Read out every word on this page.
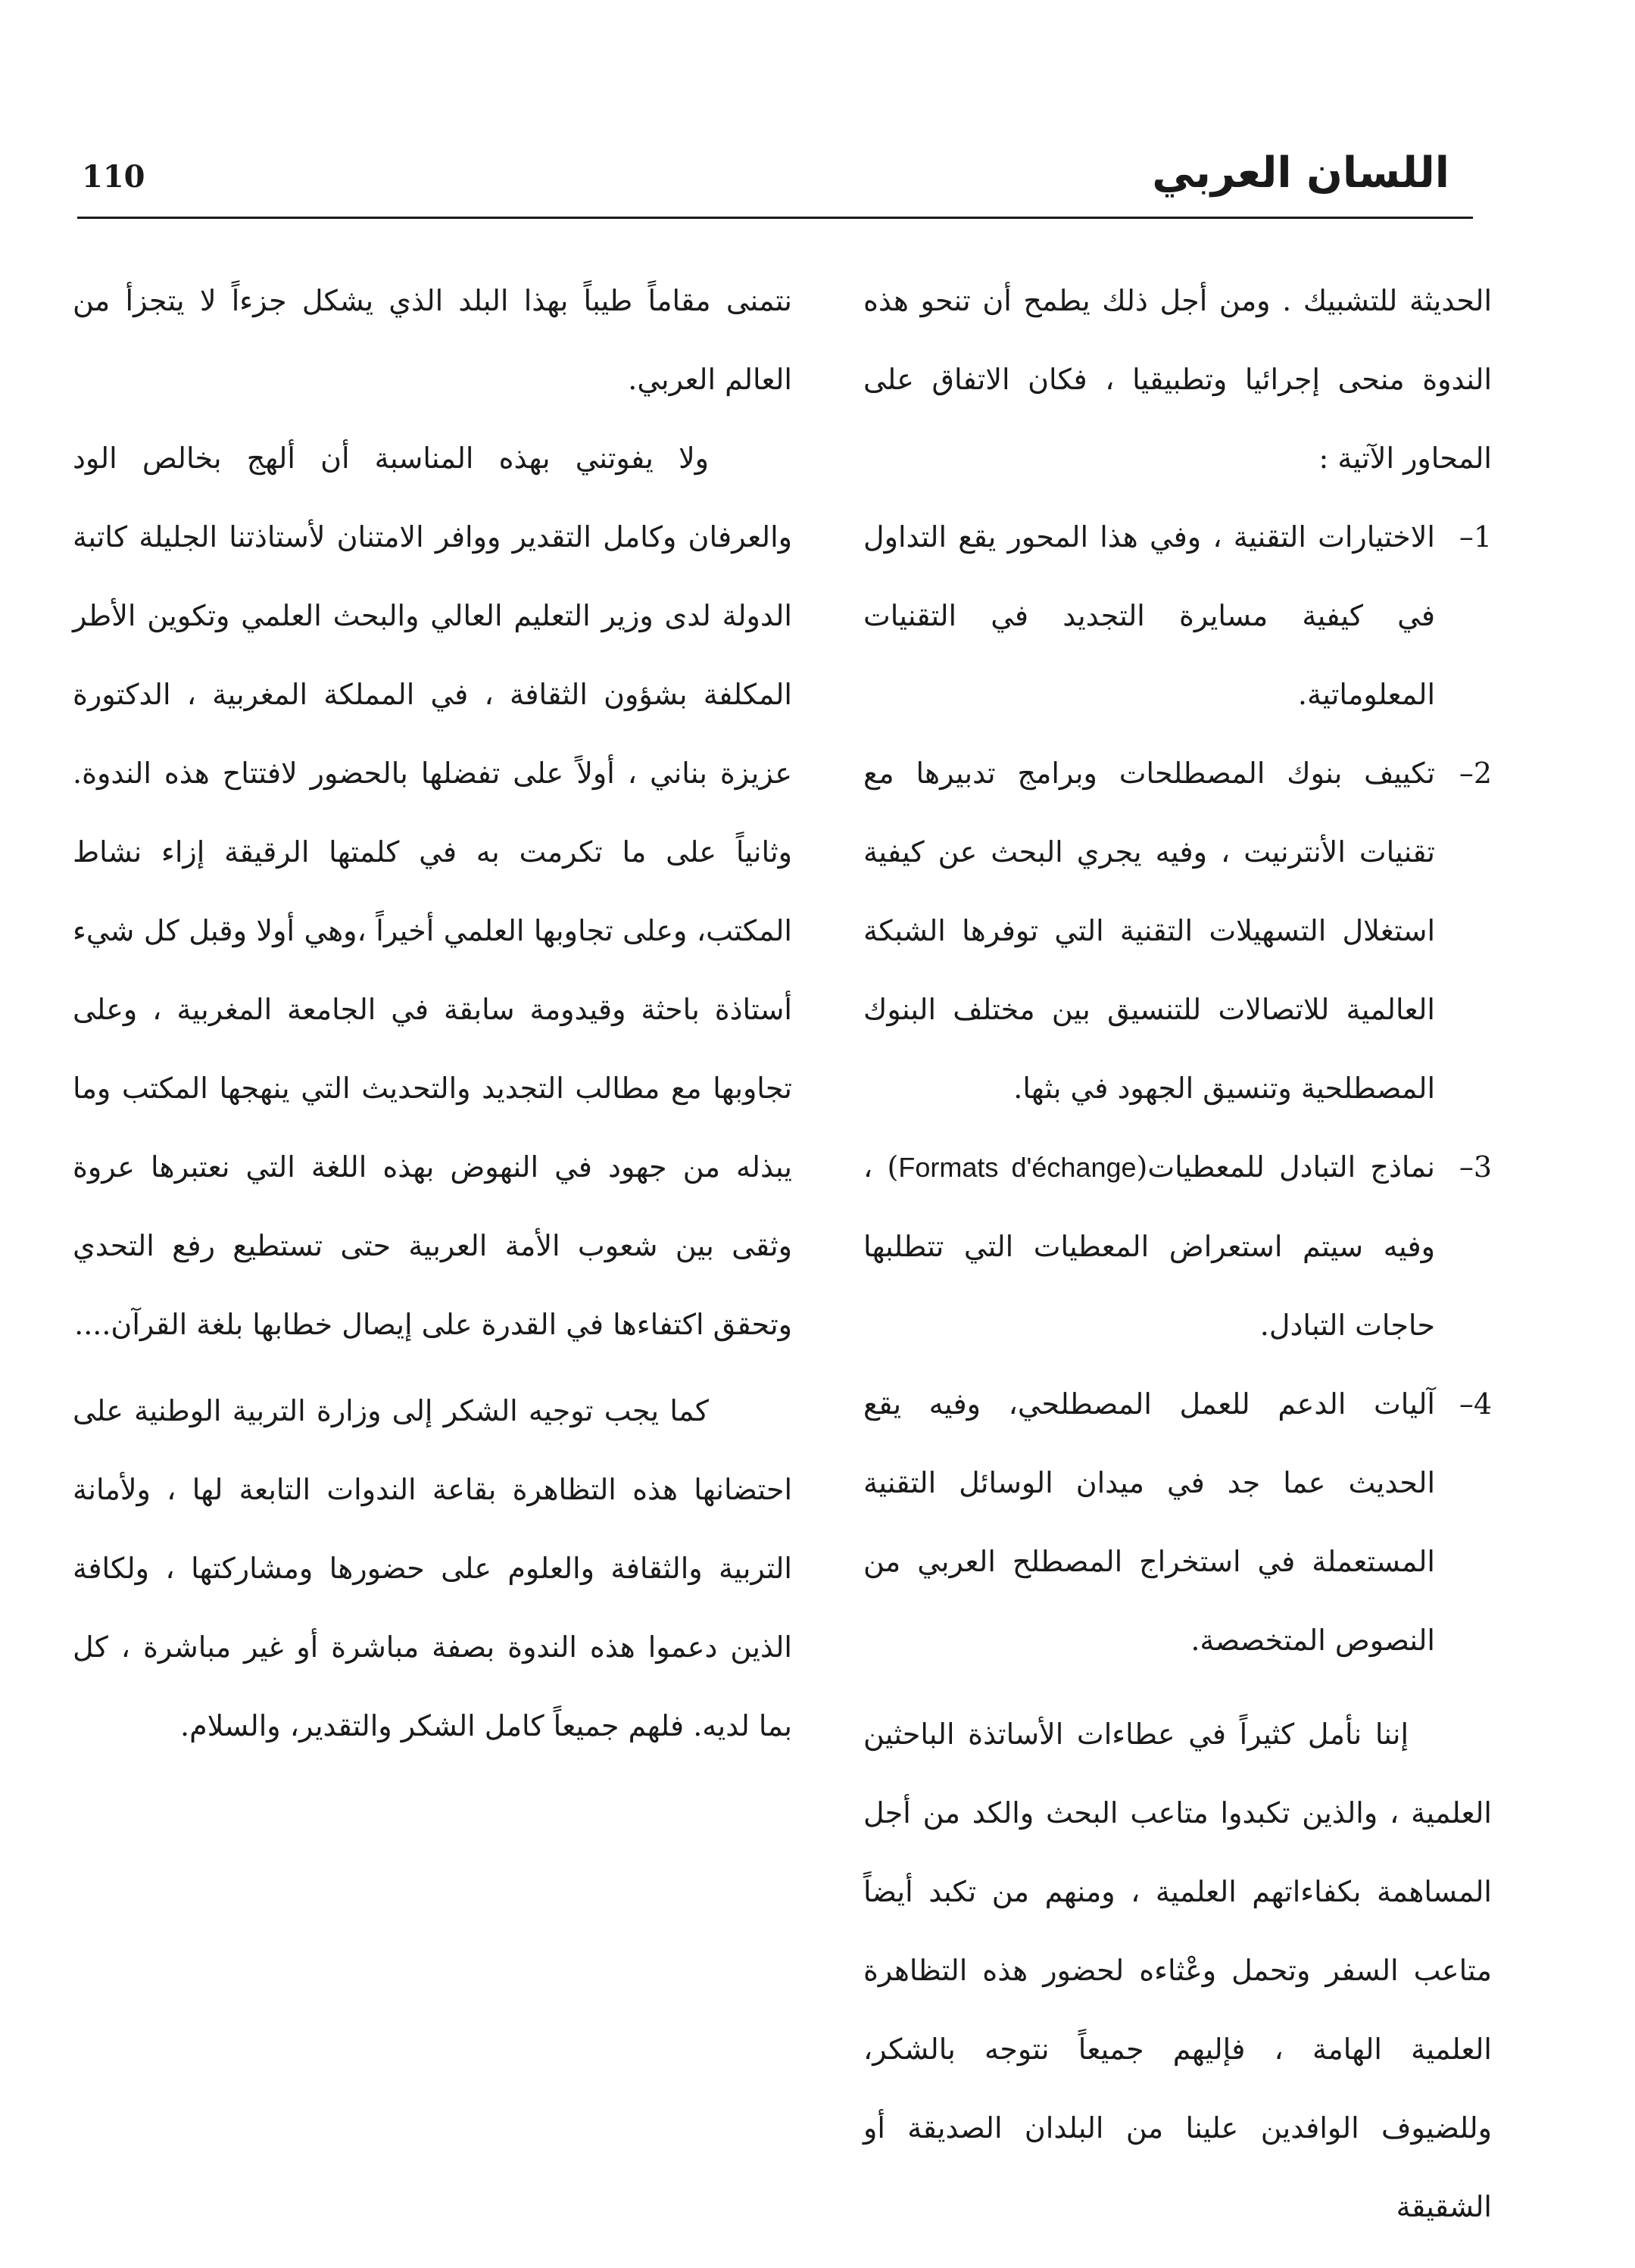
110	اللسان العربي

الحديثة للتشبيك . ومن أجل ذلك يطمح أن تنحو هذه الندوة منحى إجرائيا وتطبيقيا ، فكان الاتفاق على المحاور الآتية :

1–
الاختيارات التقنية ، وفي هذا المحور يقع التداول في كيفية مسايرة التجديد في التقنيات المعلوماتية.
2–
تكييف بنوك المصطلحات وبرامج تدبيرها مع تقنيات الأنترنيت ، وفيه يجري البحث عن كيفية استغلال التسهيلات التقنية التي توفرها الشبكة العالمية للاتصالات للتنسيق بين مختلف البنوك المصطلحية وتنسيق الجهود في بثها.
3–
نماذج التبادل للمعطيات(Formats d'échange) ، وفيه سيتم استعراض المعطيات التي تتطلبها حاجات التبادل.
4–
آليات الدعم للعمل المصطلحي، وفيه يقع الحديث عما جد في ميدان الوسائل التقنية المستعملة في استخراج المصطلح العربي من النصوص المتخصصة.

إننا نأمل كثيراً في عطاءات الأساتذة الباحثين العلمية ، والذين تكبدوا متاعب البحث والكد من أجل المساهمة بكفاءاتهم العلمية ، ومنهم من تكبد أيضاً متاعب السفر وتحمل وعْثاءه لحضور هذه التظاهرة العلمية الهامة ، فإليهم جميعاً نتوجه بالشكر، وللضيوف الوافدين علينا من البلدان الصديقة أو الشقيقة

نتمنى مقاماً طيباً بهذا البلد الذي يشكل جزءاً لا يتجزأ من العالم العربي.

ولا يفوتني بهذه المناسبة أن ألهج بخالص الود والعرفان وكامل التقدير ووافر الامتنان لأستاذتنا الجليلة كاتبة الدولة لدى وزير التعليم العالي والبحث العلمي وتكوين الأطر المكلفة بشؤون الثقافة ، في المملكة المغربية ، الدكتورة عزيزة بناني ، أولاً على تفضلها بالحضور لافتتاح هذه الندوة. وثانياً على ما تكرمت به في كلمتها الرقيقة إزاء نشاط المكتب، وعلى تجاوبها العلمي أخيراً ،وهي أولا وقبل كل شيء أستاذة باحثة وقيدومة سابقة في الجامعة المغربية ، وعلى تجاوبها مع مطالب التجديد والتحديث التي ينهجها المكتب وما يبذله من جهود في النهوض بهذه اللغة التي نعتبرها عروة وثقى بين شعوب الأمة العربية حتى تستطيع رفع التحدي وتحقق اكتفاءها في القدرة على إيصال خطابها بلغة القرآن....

كما يجب توجيه الشكر إلى وزارة التربية الوطنية على احتضانها هذه التظاهرة بقاعة الندوات التابعة لها ، ولأمانة التربية والثقافة والعلوم على حضورها ومشاركتها ، ولكافة الذين دعموا هذه الندوة بصفة مباشرة أو غير مباشرة ، كل بما لديه. فلهم جميعاً كامل الشكر والتقدير، والسلام.
